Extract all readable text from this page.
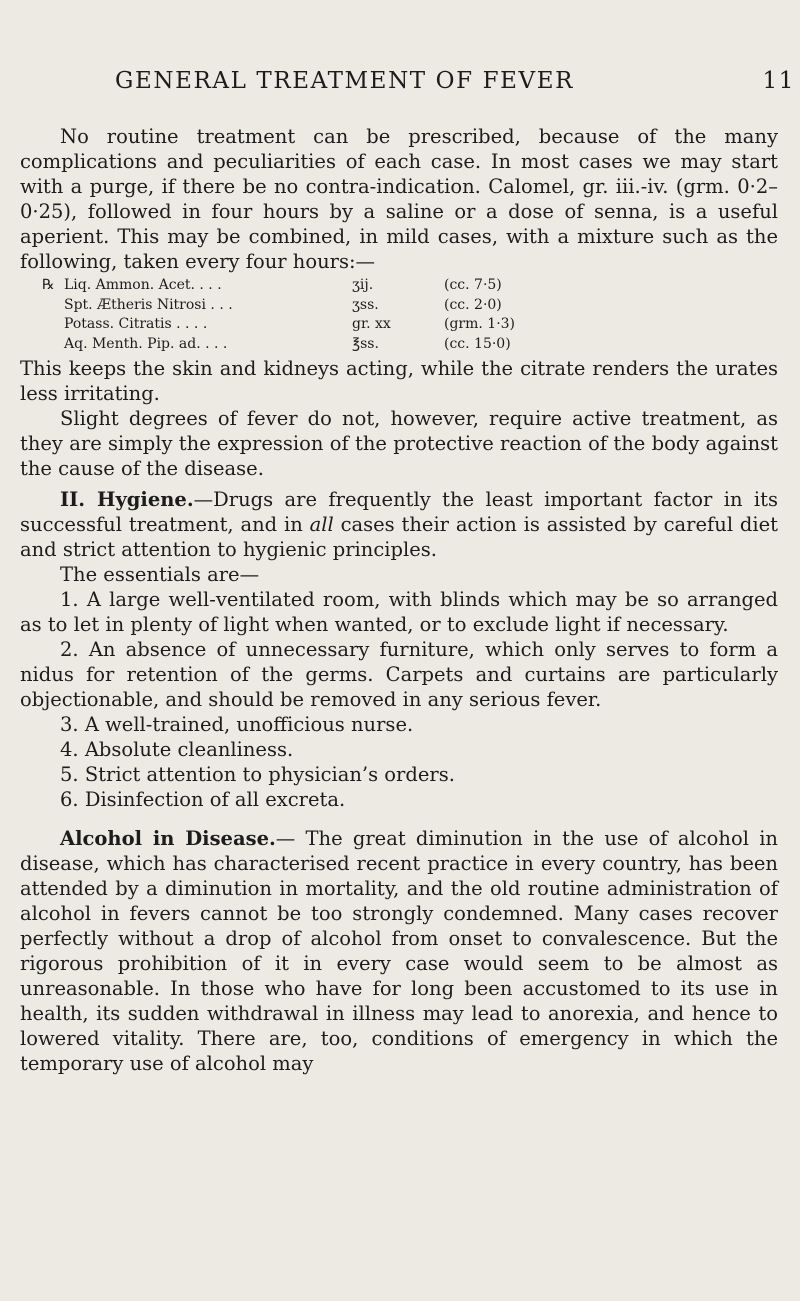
GENERAL TREATMENT OF FEVER	11

No routine treatment can be prescribed, because of the many complications and peculiarities of each case. In most cases we may start with a purge, if there be no contra-indication. Calomel, gr. iii.-iv. (grm. 0·2–0·25), followed in four hours by a saline or a dose of senna, is a useful aperient. This may be combined, in mild cases, with a mixture such as the following, taken every four hours:—

℞ Liq. Ammon. Acet. . . .	ʒij.	(cc. 7·5)
Spt. Ætheris Nitrosi . . .	ʒss.	(cc. 2·0)
Potass. Citratis . . . .	gr. xx	(grm. 1·3)
Aq. Menth. Pip. ad. . . .	℥ss.	(cc. 15·0)

This keeps the skin and kidneys acting, while the citrate renders the urates less irritating.

Slight degrees of fever do not, however, require active treatment, as they are simply the expression of the protective reaction of the body against the cause of the disease.

II. Hygiene.—Drugs are frequently the least important factor in its successful treatment, and in all cases their action is assisted by careful diet and strict attention to hygienic principles.

The essentials are—

1. A large well-ventilated room, with blinds which may be so arranged as to let in plenty of light when wanted, or to exclude light if necessary.

2. An absence of unnecessary furniture, which only serves to form a nidus for retention of the germs. Carpets and curtains are particularly objectionable, and should be removed in any serious fever.

3. A well-trained, unofficious nurse.

4. Absolute cleanliness.

5. Strict attention to physician’s orders.

6. Disinfection of all excreta.

Alcohol in Disease.— The great diminution in the use of alcohol in disease, which has characterised recent practice in every country, has been attended by a diminution in mortality, and the old routine administration of alcohol in fevers cannot be too strongly condemned. Many cases recover perfectly without a drop of alcohol from onset to convalescence. But the rigorous prohibition of it in every case would seem to be almost as unreasonable. In those who have for long been accustomed to its use in health, its sudden withdrawal in illness may lead to anorexia, and hence to lowered vitality. There are, too, conditions of emergency in which the temporary use of alcohol may
